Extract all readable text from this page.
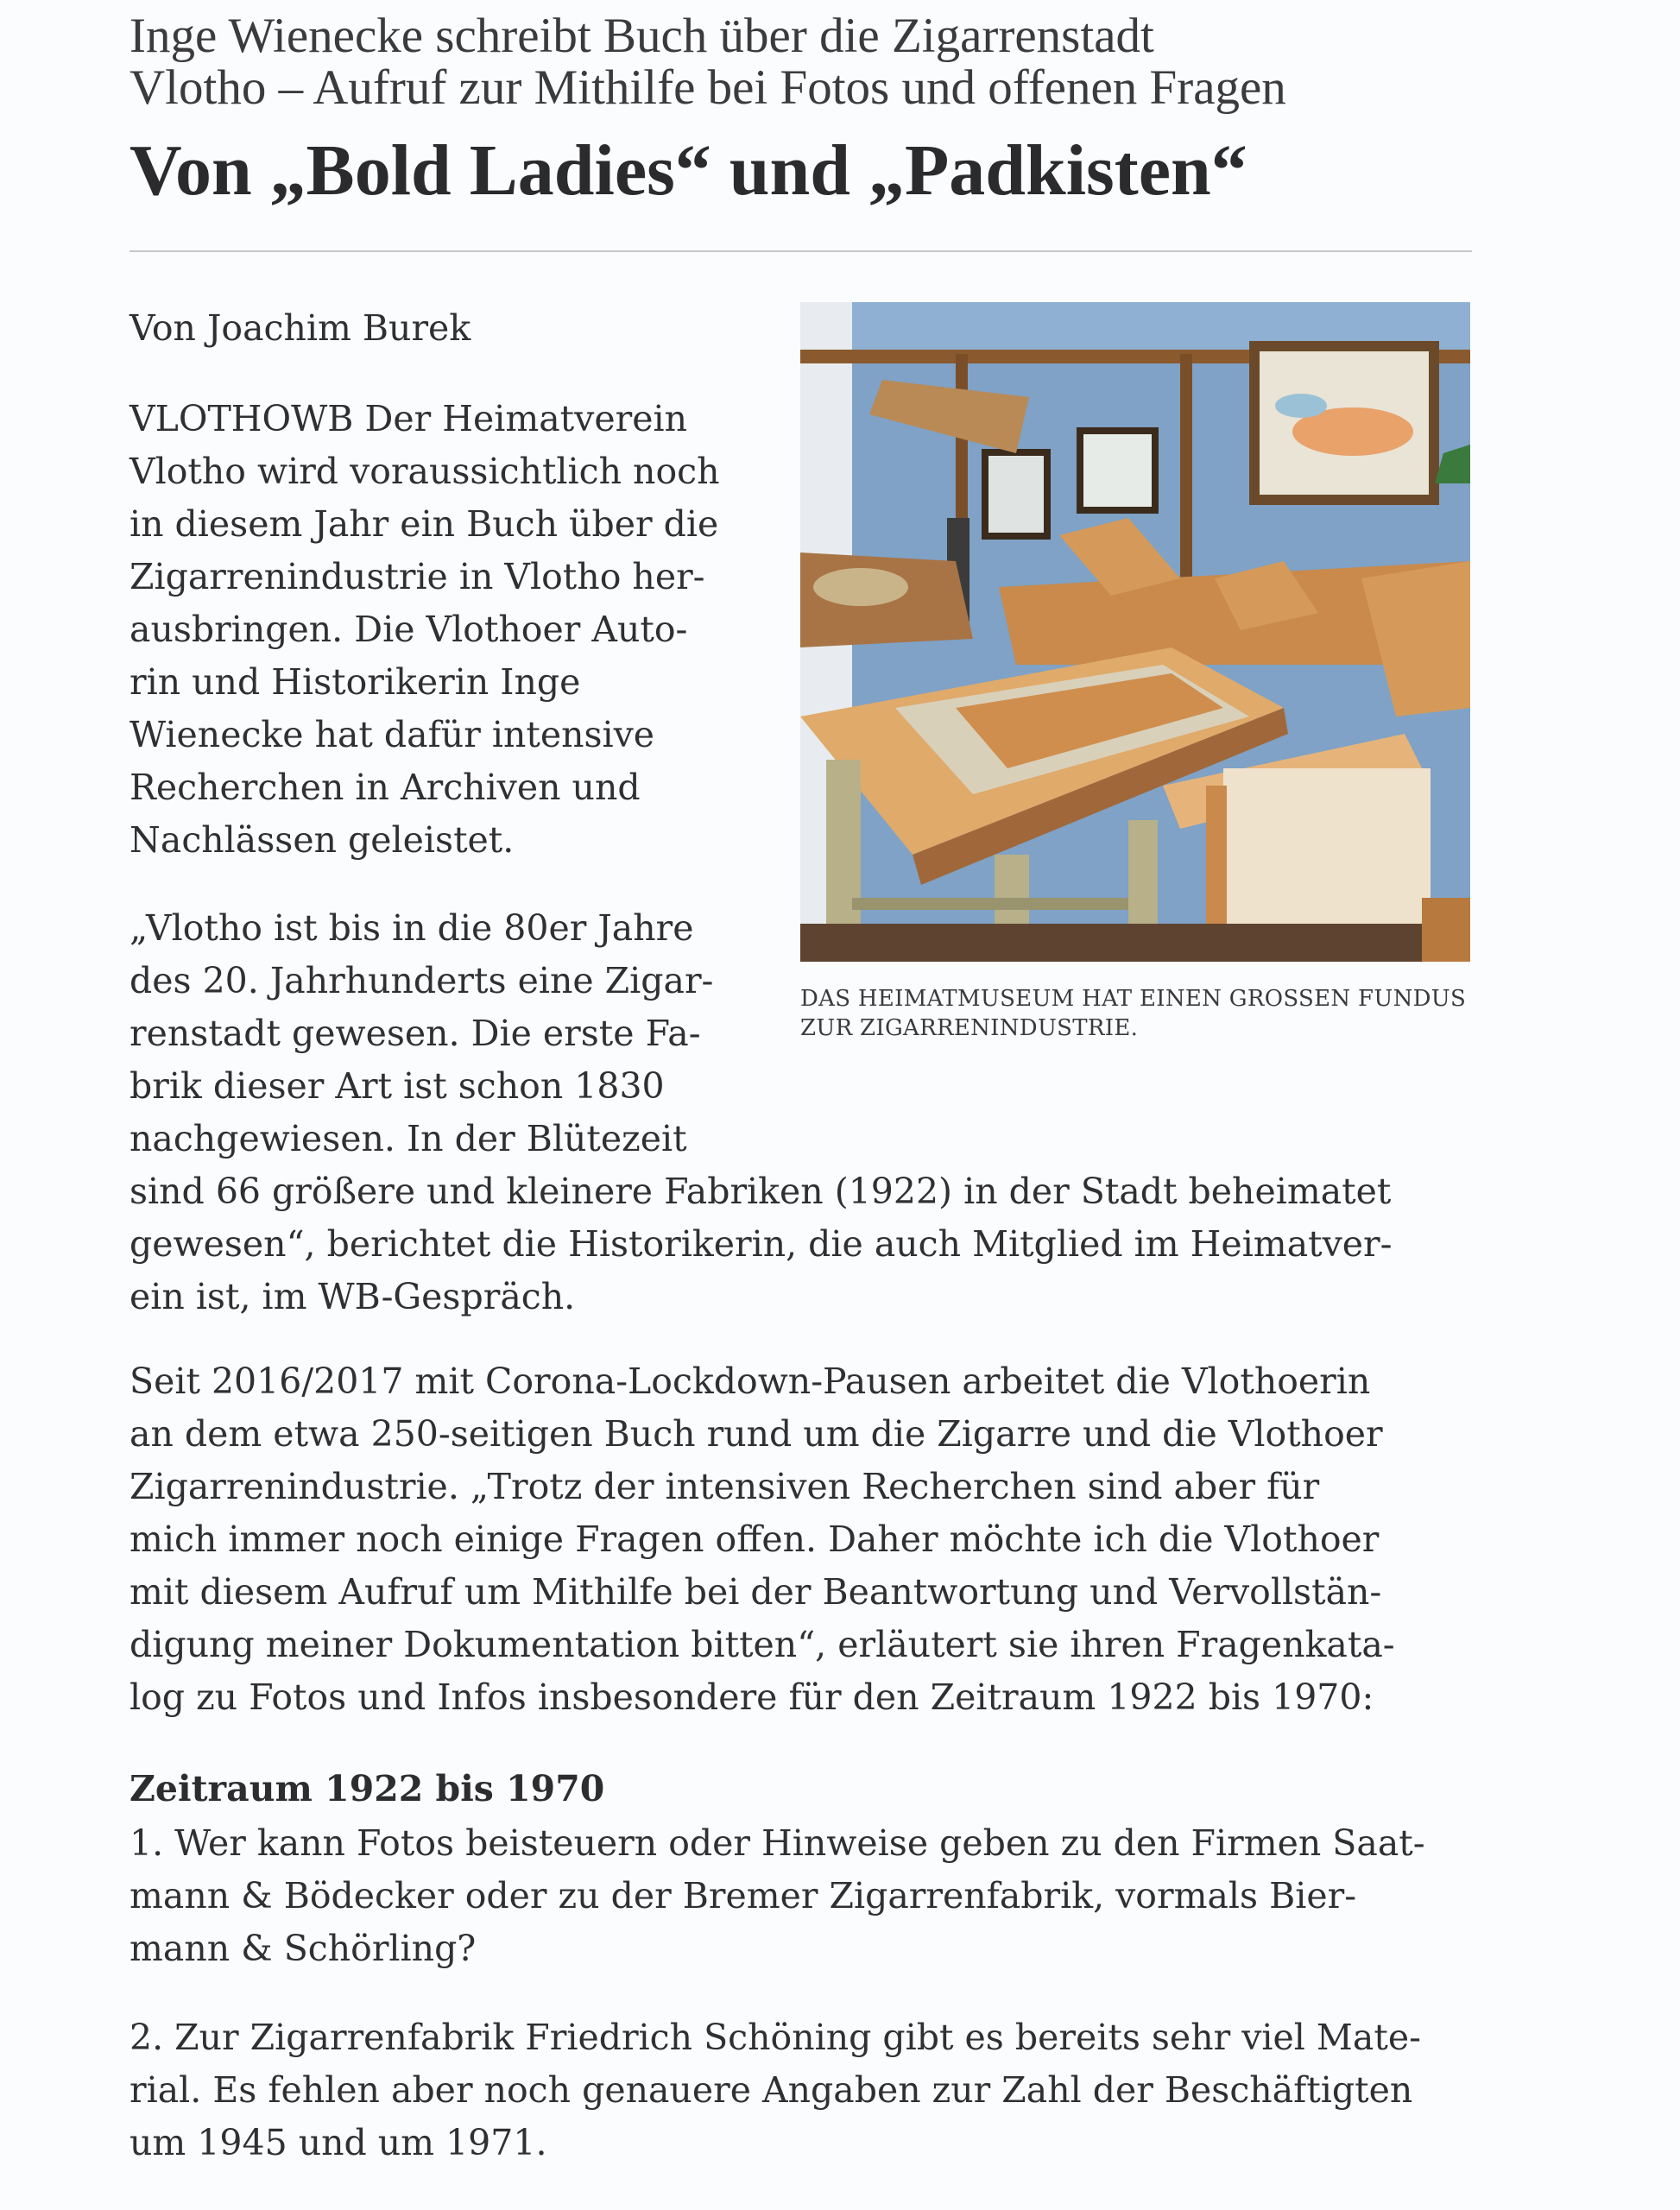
Inge Wienecke schreibt Buch über die Zigarrenstadt
Vlotho – Aufruf zur Mithilfe bei Fotos und offenen Fragen
Von „Bold Ladies“ und „Padkisten“

Von Joachim Burek

VLOTHOWB Der Heimatverein
Vlotho wird voraussichtlich noch
in diesem Jahr ein Buch über die
Zigarrenindustrie in Vlotho her-
ausbringen. Die Vlothoer Auto-
rin und Historikerin Inge
Wienecke hat dafür intensive
Recherchen in Archiven und
Nachlässen geleistet.

„Vlotho ist bis in die 80er Jahre
des 20. Jahrhunderts eine Zigar-
renstadt gewesen. Die erste Fa-
brik dieser Art ist schon 1830
nachgewiesen. In der Blütezeit
sind 66 größere und kleinere Fabriken (1922) in der Stadt beheimatet
gewesen“, berichtet die Historikerin, die auch Mitglied im Heimatver-
ein ist, im WB-Gespräch.

Seit 2016/2017 mit Corona-Lockdown-Pausen arbeitet die Vlothoerin
an dem etwa 250-seitigen Buch rund um die Zigarre und die Vlothoer
Zigarrenindustrie. „Trotz der intensiven Recherchen sind aber für
mich immer noch einige Fragen offen. Daher möchte ich die Vlothoer
mit diesem Aufruf um Mithilfe bei der Beantwortung und Vervollstän-
digung meiner Dokumentation bitten“, erläutert sie ihren Fragenkata-
log zu Fotos und Infos insbesondere für den Zeitraum 1922 bis 1970:

Zeitraum 1922 bis 1970

1. Wer kann Fotos beisteuern oder Hinweise geben zu den Firmen Saat-
mann & Bödecker oder zu der Bremer Zigarrenfabrik, vormals Bier-
mann & Schörling?

2. Zur Zigarrenfabrik Friedrich Schöning gibt es bereits sehr viel Mate-
rial. Es fehlen aber noch genauere Angaben zur Zahl der Beschäftigten
um 1945 und um 1971.

DAS HEIMATMUSEUM HAT EINEN GROSSEN FUNDUS
ZUR ZIGARRENINDUSTRIE.
